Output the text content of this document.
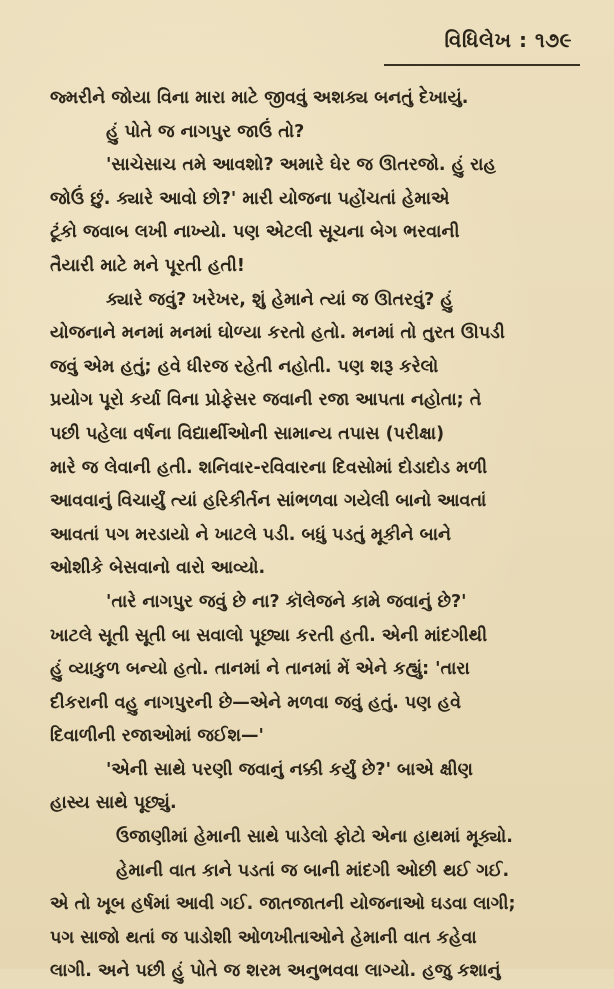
વિધિલેખ : ૧૭૯
જ્મરીને જોયા વિના મારા માટે જીવવું અશક્ય બનતું દેખાયું.
હું પોતે જ નાગપુર જાઉં તો?
'સાચેસાચ તમે આવશો? અમારે ઘેર જ ઊતરજો. હું રાહ
જોઉં છું. ક્યારે આવો છો?' મારી યોજના પહોંચતાં હેમાએ
ટૂંકો જવાબ લખી નાખ્યો. પણ એટલી સૂચના બેગ ભરવાની
તૈયારી માટે મને પૂરતી હતી!
ક્યારે જવું? ખરેખર, શું હેમાને ત્યાં જ ઊતરવું? હું
યોજનાને મનમાં મનમાં ઘોળ્યા કરતો હતો. મનમાં તો તુરત ઊપડી
જવું એમ હતું; હવે ધીરજ રહેતી નહોતી. પણ શરૂ કરેલો
પ્રયોગ પૂરો કર્યા વિના પ્રોફેસર જવાની રજા આપતા નહોતા; તે
પછી પહેલા વર્ષના વિદ્યાર્થીઓની સામાન્ય તપાસ (પરીક્ષા)
મારે જ લેવાની હતી. શનિવાર-રવિવારના દિવસોમાં દોડાદોડ મળી
આવવાનું વિચાર્યું ત્યાં હરિકીર્તન સાંભળવા ગયેલી બાનો આવતાં
આવતાં પગ મરડાયો ને ખાટલે પડી. બધું પડતું મૂકીને બાને
ઓશીકે બેસવાનો વારો આવ્યો.
'તારે નાગપુર જવું છે ના? કૉલેજને કામે જવાનું છે?'
ખાટલે સૂતી સૂતી બા સવાલો પૂછ્યા કરતી હતી. એની માંદગીથી
હું વ્યાકુળ બન્યો હતો. તાનમાં ને તાનમાં મેં એને કહ્યું: 'તારા
દીકરાની વહુ નાગપુરની છે—એને મળવા જવું હતું. પણ હવે
દિવાળીની રજાઓમાં જઈશ—'
'એની સાથે પરણી જવાનું નક્કી કર્યું છે?' બાએ ક્ષીણ
હાસ્ય સાથે પૂછ્યું.
ઉજાણીમાં હેમાની સાથે પાડેલો ફોટો એના હાથમાં મૂક્યો.
હેમાની વાત કાને પડતાં જ બાની માંદગી ઓછી થઈ ગઈ.
એ તો ખૂબ હર્ષમાં આવી ગઈ. જાતજાતની યોજનાઓ ઘડવા લાગી;
પગ સાજો થતાં જ પાડોશી ઓળખીતાઓને હેમાની વાત કહેવા
લાગી. અને પછી હું પોતે જ શરમ અનુભવવા લાગ્યો. હજુ કશાનું
